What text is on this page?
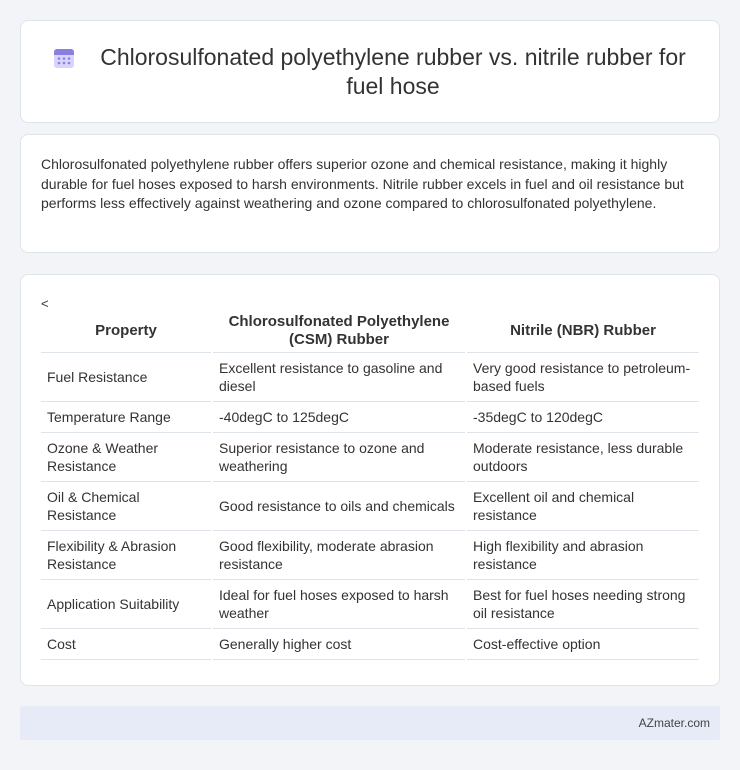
Chlorosulfonated polyethylene rubber vs. nitrile rubber for fuel hose

Chlorosulfonated polyethylene rubber offers superior ozone and chemical resistance, making it highly durable for fuel hoses exposed to harsh environments. Nitrile rubber excels in fuel and oil resistance but performs less effectively against weathering and ozone compared to chlorosulfonated polyethylene.

<
Property	Chlorosulfonated Polyethylene (CSM) Rubber	Nitrile (NBR) Rubber
Fuel Resistance	Excellent resistance to gasoline and diesel	Very good resistance to petroleum-based fuels
Temperature Range	-40degC to 125degC	-35degC to 120degC
Ozone & Weather Resistance	Superior resistance to ozone and weathering	Moderate resistance, less durable outdoors
Oil & Chemical Resistance	Good resistance to oils and chemicals	Excellent oil and chemical resistance
Flexibility & Abrasion Resistance	Good flexibility, moderate abrasion resistance	High flexibility and abrasion resistance
Application Suitability	Ideal for fuel hoses exposed to harsh weather	Best for fuel hoses needing strong oil resistance
Cost	Generally higher cost	Cost-effective option
AZmater.com
